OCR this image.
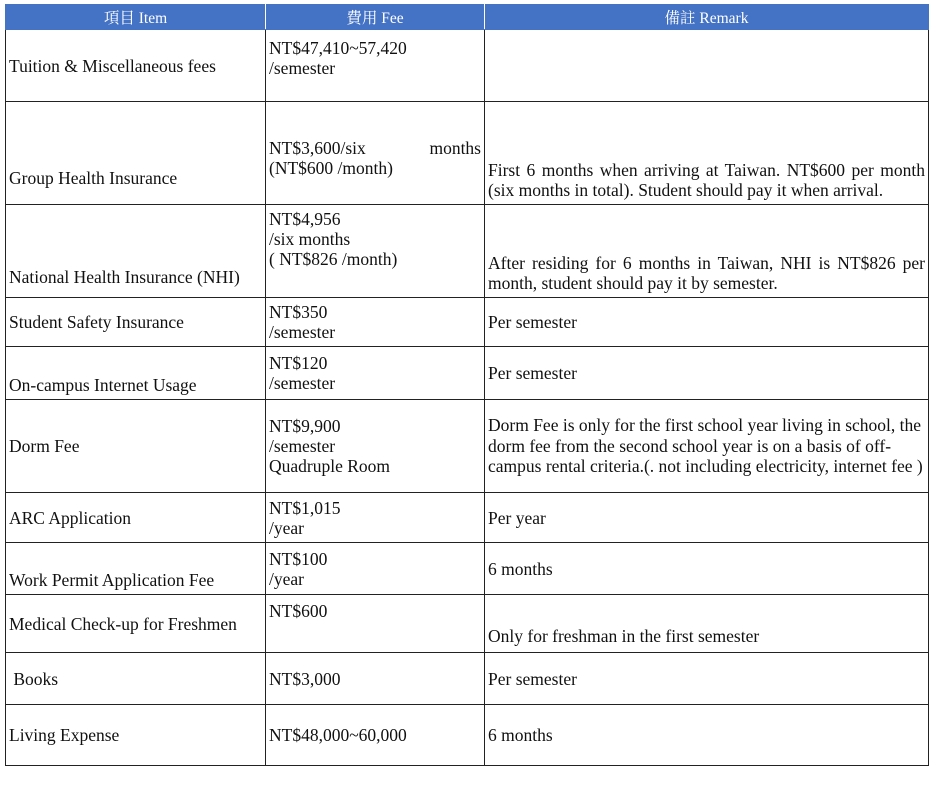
項目 Item	費用 Fee	備註 Remark
Tuition & Miscellaneous fees	NT$47,410~57,420
/semester	

Group Health Insurance	NT$3,600/six months
(NT$600 /month)	First 6 months when arriving at Taiwan. NT$600 per month (six months in total). Student should pay it when arrival.
National Health Insurance (NHI)	NT$4,956
/six months
( NT$826 /month)	After residing for 6 months in Taiwan, NHI is NT$826 per month, student should pay it by semester.
Student Safety Insurance	NT$350
/semester	Per semester
On-campus Internet Usage	NT$120
/semester	Per semester
Dorm Fee	NT$9,900
/semester
Quadruple Room	Dorm Fee is only for the first school year living in school, the dorm fee from the second school year is on a basis of off-campus rental criteria.(. not including electricity, internet fee )
ARC Application	NT$1,015
/year	Per year
Work Permit Application Fee	NT$100
/year	6 months
Medical Check-up for Freshmen	NT$600	Only for freshman in the first semester
Books	NT$3,000	Per semester
Living Expense	NT$48,000~60,000	6 months
